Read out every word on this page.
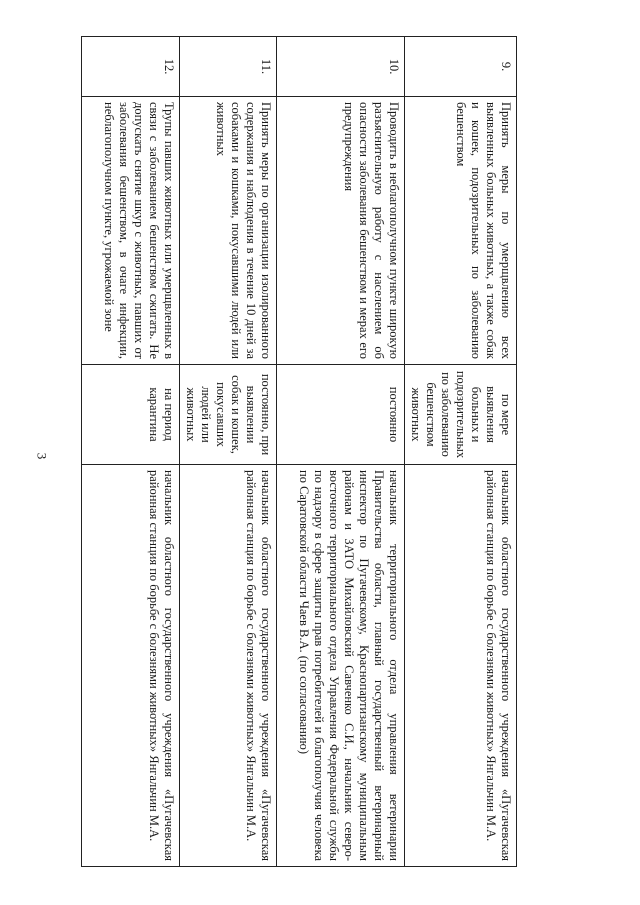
3
9.	Принять меры по умерщвлению всех выявленных больных животных, а также собак и кошек, подозрительных по заболеванию бешенством	по мере выявления больных и подозрительных по заболеванию бешенством животных	начальник областного государственного учреждения «Пугачевская районная станция по борьбе с болезнями животных» Янгальчин М.А.
10.	Проводить в неблагополучном пункте широкую разъяснительную работу с населением об опасности заболевания бешенством и мерах его предупреждения	постоянно	начальник территориального отдела управления ветеринарии Правительства области, главный государственный ветеринарный инспектор по Пугачевскому, Краснопартизанскому муниципальным районам и ЗАТО Михайловский Савченко С.И., начальник северо-восточного территориального отдела Управления Федеральной службы по надзору в сфере защиты прав потребителей и благополучия человека по Саратовской области Чаев В.А. (по согласованию)
11.	Принять меры по организации изолированного содержания и наблюдения в течение 10 дней за собаками и кошками, покусавшими людей или животных	постоянно, при выявлении собак и кошек, покусавших людей или животных	начальник областного государственного учреждения «Пугачевская районная станция по борьбе с болезнями животных» Янгальчин М.А.
12.	Трупы павших животных или умерщвленных в связи с заболеванием бешенством сжигать. Не допускать снятие шкур с животных, павших от заболевания бешенством, в очаге инфекции, неблагополучном пункте, угрожаемой зоне	на период карантина	начальник областного государственного учреждения «Пугачевская районная станция по борьбе с болезнями животных» Янгальчин М.А.
